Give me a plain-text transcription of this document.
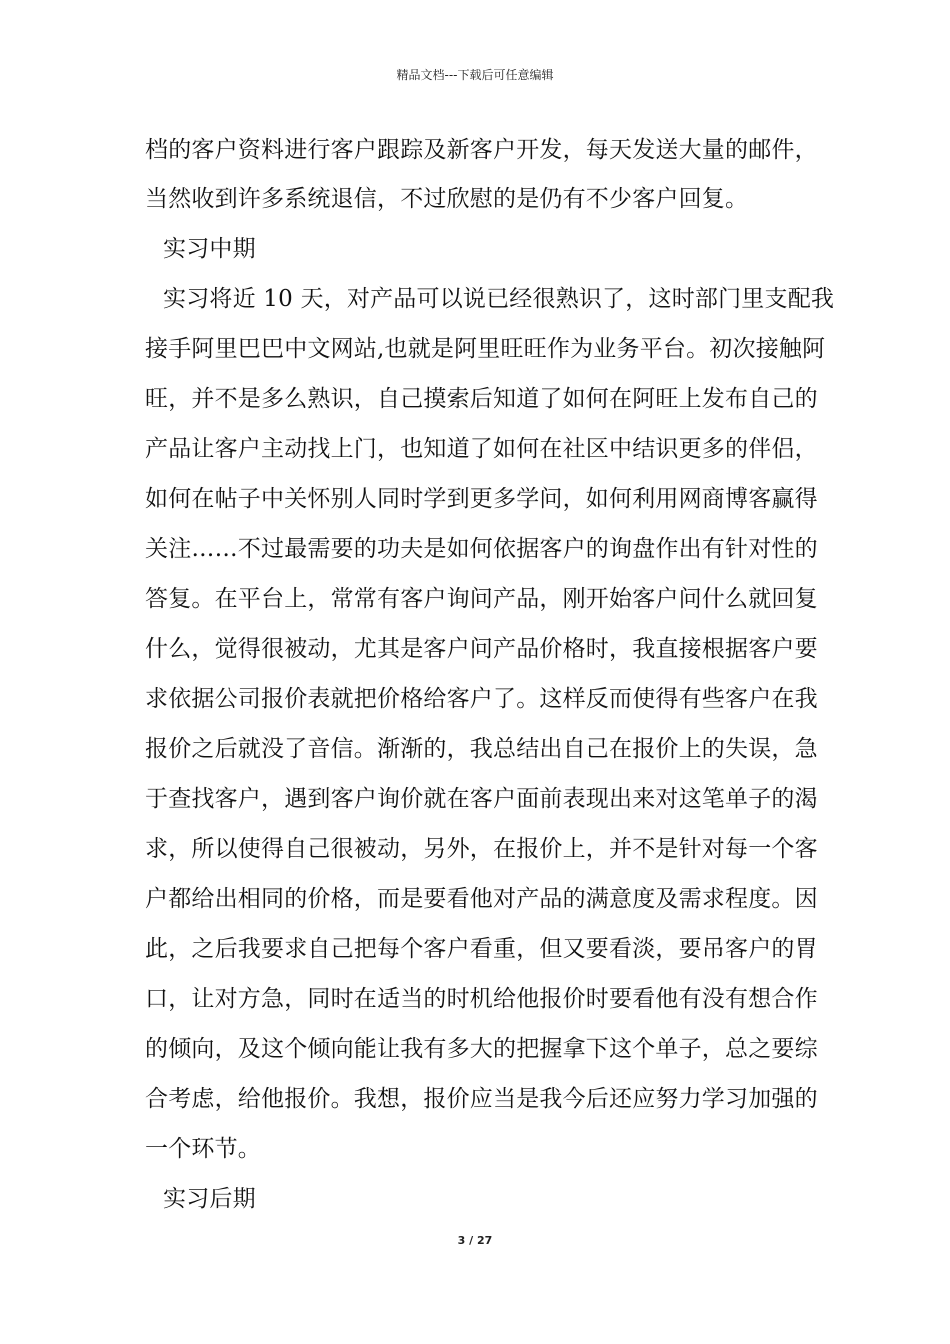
精品文档---下载后可任意编辑
档的客户资料进行客户跟踪及新客户开发，每天发送大量的邮件，
当然收到许多系统退信，不过欣慰的是仍有不少客户回复。
实习中期
实习将近 10 天，对产品可以说已经很熟识了，这时部门里支配我
接手阿里巴巴中文网站,也就是阿里旺旺作为业务平台。初次接触阿
旺，并不是多么熟识，自己摸索后知道了如何在阿旺上发布自己的
产品让客户主动找上门，也知道了如何在社区中结识更多的伴侣，
如何在帖子中关怀别人同时学到更多学问，如何利用网商博客赢得
关注……不过最需要的功夫是如何依据客户的询盘作出有针对性的
答复。在平台上，常常有客户询问产品，刚开始客户问什么就回复
什么，觉得很被动，尤其是客户问产品价格时，我直接根据客户要
求依据公司报价表就把价格给客户了。这样反而使得有些客户在我
报价之后就没了音信。渐渐的，我总结出自己在报价上的失误，急
于查找客户，遇到客户询价就在客户面前表现出来对这笔单子的渴
求，所以使得自己很被动，另外，在报价上，并不是针对每一个客
户都给出相同的价格，而是要看他对产品的满意度及需求程度。因
此，之后我要求自己把每个客户看重，但又要看淡，要吊客户的胃
口，让对方急，同时在适当的时机给他报价时要看他有没有想合作
的倾向，及这个倾向能让我有多大的把握拿下这个单子，总之要综
合考虑，给他报价。我想，报价应当是我今后还应努力学习加强的
一个环节。
实习后期
3 / 27
